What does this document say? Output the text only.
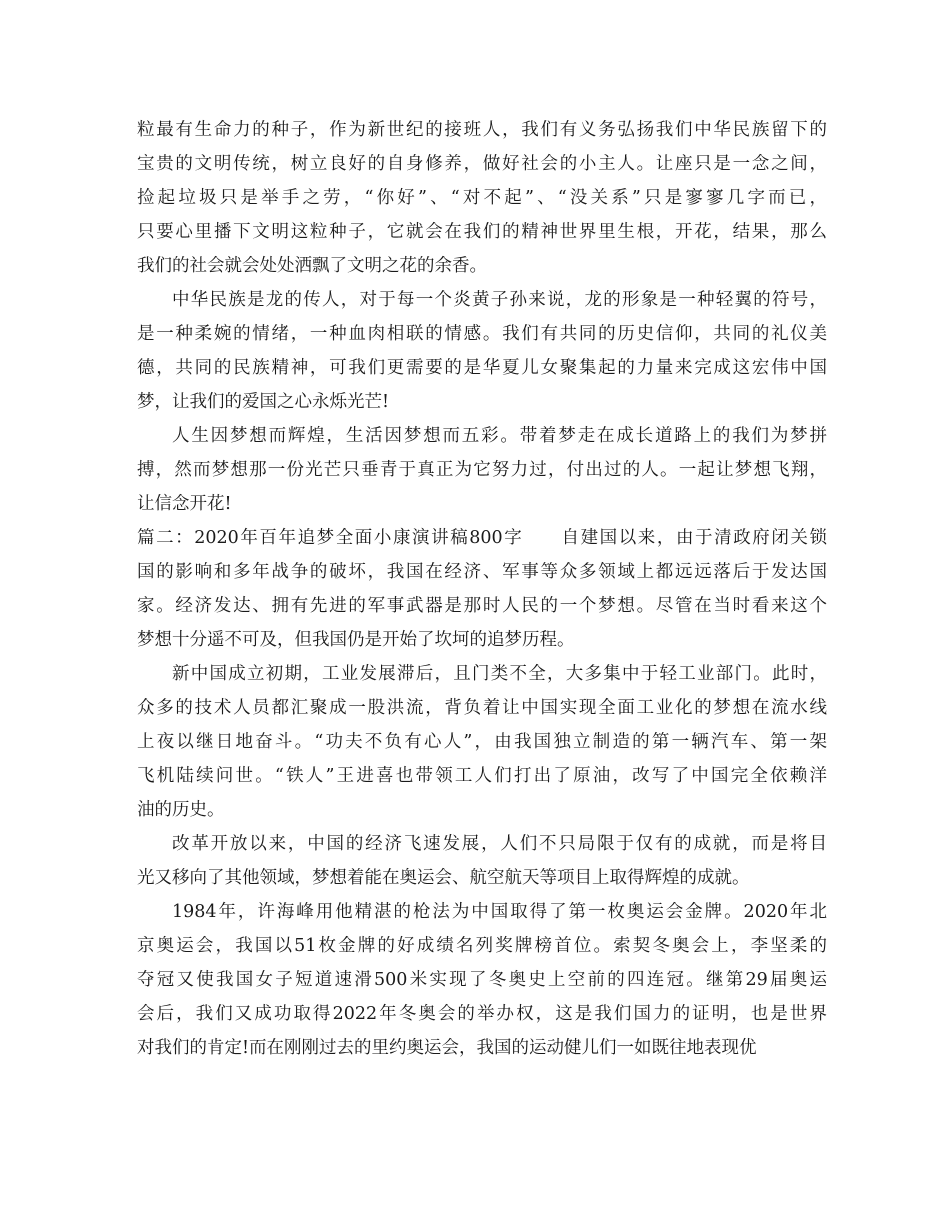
粒最有生命力的种子，作为新世纪的接班人，我们有义务弘扬我们中华民族留下的
宝贵的文明传统，树立良好的自身修养，做好社会的小主人。让座只是一念之间，
捡起垃圾只是举手之劳，“你好”、“对不起”、“没关系”只是寥寥几字而已，
只要心里播下文明这粒种子，它就会在我们的精神世界里生根，开花，结果，那么
我们的社会就会处处洒飘了文明之花的余香。
中华民族是龙的传人，对于每一个炎黄子孙来说，龙的形象是一种轻翼的符号，
是一种柔婉的情绪，一种血肉相联的情感。我们有共同的历史信仰，共同的礼仪美
德，共同的民族精神，可我们更需要的是华夏儿女聚集起的力量来完成这宏伟中国
梦，让我们的爱国之心永烁光芒!
人生因梦想而辉煌，生活因梦想而五彩。带着梦走在成长道路上的我们为梦拼
搏，然而梦想那一份光芒只垂青于真正为它努力过，付出过的人。一起让梦想飞翔，
让信念开花!
篇二：2020年百年追梦全面小康演讲稿800字　　自建国以来，由于清政府闭关锁
国的影响和多年战争的破坏，我国在经济、军事等众多领域上都远远落后于发达国
家。经济发达、拥有先进的军事武器是那时人民的一个梦想。尽管在当时看来这个
梦想十分遥不可及，但我国仍是开始了坎坷的追梦历程。
新中国成立初期，工业发展滞后，且门类不全，大多集中于轻工业部门。此时，
众多的技术人员都汇聚成一股洪流，背负着让中国实现全面工业化的梦想在流水线
上夜以继日地奋斗。“功夫不负有心人”，由我国独立制造的第一辆汽车、第一架
飞机陆续问世。“铁人”王进喜也带领工人们打出了原油，改写了中国完全依赖洋
油的历史。
改革开放以来，中国的经济飞速发展，人们不只局限于仅有的成就，而是将目
光又移向了其他领域，梦想着能在奥运会、航空航天等项目上取得辉煌的成就。
1984年，许海峰用他精湛的枪法为中国取得了第一枚奥运会金牌。2020年北
京奥运会，我国以51枚金牌的好成绩名列奖牌榜首位。索契冬奥会上，李坚柔的
夺冠又使我国女子短道速滑500米实现了冬奥史上空前的四连冠。继第29届奥运
会后，我们又成功取得2022年冬奥会的举办权，这是我们国力的证明，也是世界
对我们的肯定!而在刚刚过去的里约奥运会，我国的运动健儿们一如既往地表现优
